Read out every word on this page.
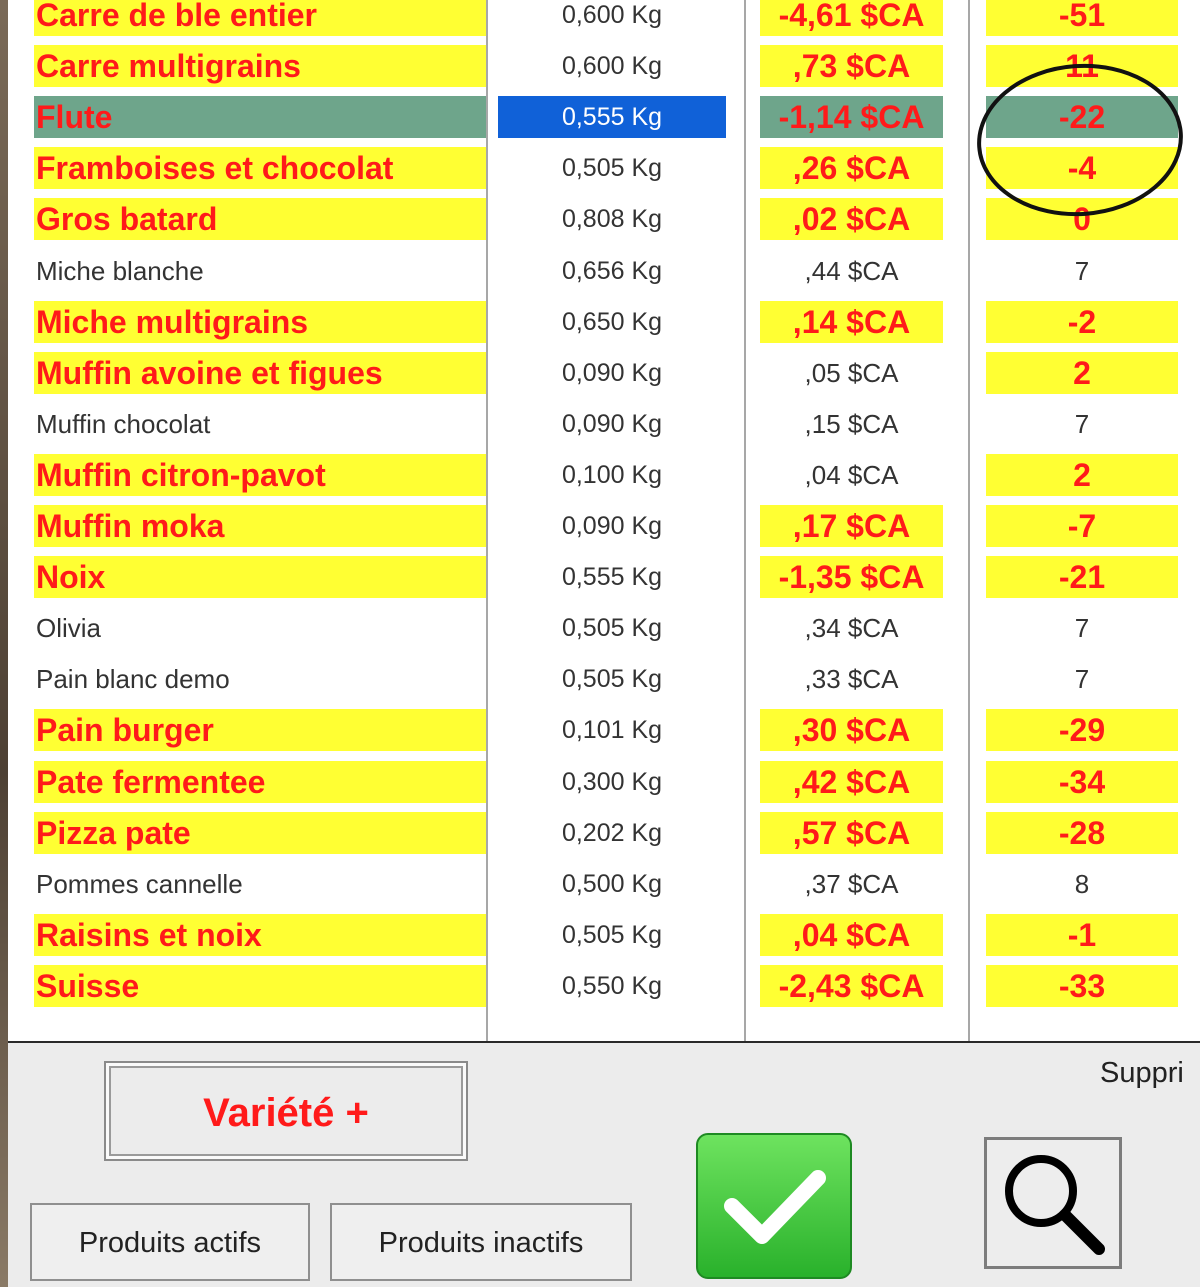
Carre de ble entier	0,600 Kg	-4,61 $CA	-51
Carre multigrains	0,600 Kg	,73 $CA	11
Flute	0,555 Kg	-1,14 $CA	-22
Framboises et chocolat	0,505 Kg	,26 $CA	-4
Gros batard	0,808 Kg	,02 $CA	0
Miche blanche	0,656 Kg	,44 $CA	7
Miche multigrains	0,650 Kg	,14 $CA	-2
Muffin avoine et figues	0,090 Kg	,05 $CA	2
Muffin chocolat	0,090 Kg	,15 $CA	7
Muffin citron-pavot	0,100 Kg	,04 $CA	2
Muffin moka	0,090 Kg	,17 $CA	-7
Noix	0,555 Kg	-1,35 $CA	-21
Olivia	0,505 Kg	,34 $CA	7
Pain blanc demo	0,505 Kg	,33 $CA	7
Pain burger	0,101 Kg	,30 $CA	-29
Pate fermentee	0,300 Kg	,42 $CA	-34
Pizza pate	0,202 Kg	,57 $CA	-28
Pommes cannelle	0,500 Kg	,37 $CA	8
Raisins et noix	0,505 Kg	,04 $CA	-1
Suisse	0,550 Kg	-2,43 $CA	-33
Variété +
Produits actifs	Produits inactifs
Suppri
